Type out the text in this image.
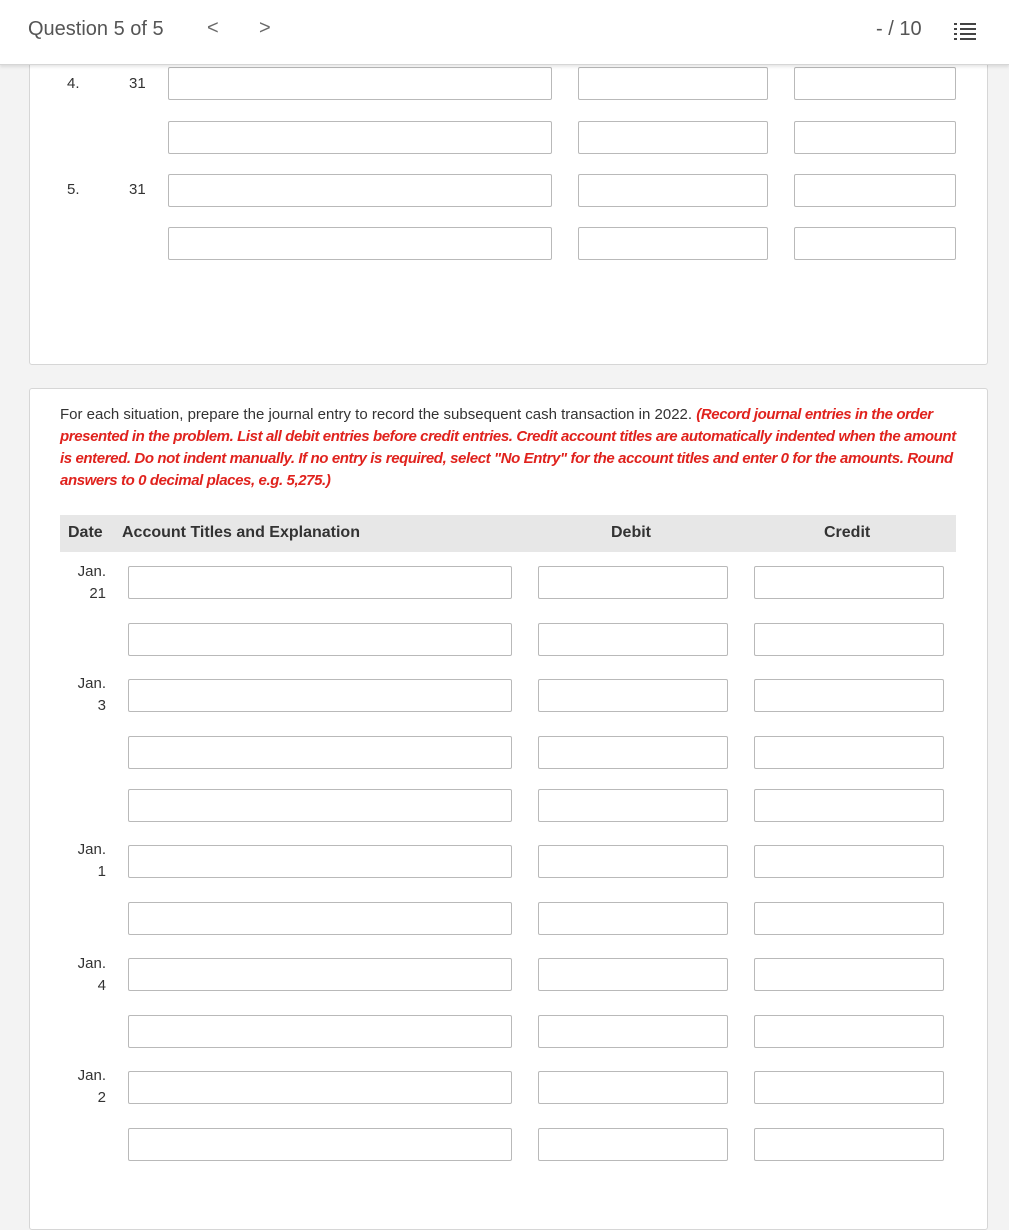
4.	31
5.	31
Question 5 of 5 < >	- / 10
For each situation, prepare the journal entry to record the subsequent cash transaction in 2022. (Record journal entries in the order presented in the problem. List all debit entries before credit entries. Credit account titles are automatically indented when the amount is entered. Do not indent manually. If no entry is required, select "No Entry" for the account titles and enter 0 for the amounts. Round answers to 0 decimal places, e.g. 5,275.)
Date Account Titles and Explanation	Debit	Credit
Jan.
21
Jan.
3
Jan.
1
Jan.
4
Jan.
2
